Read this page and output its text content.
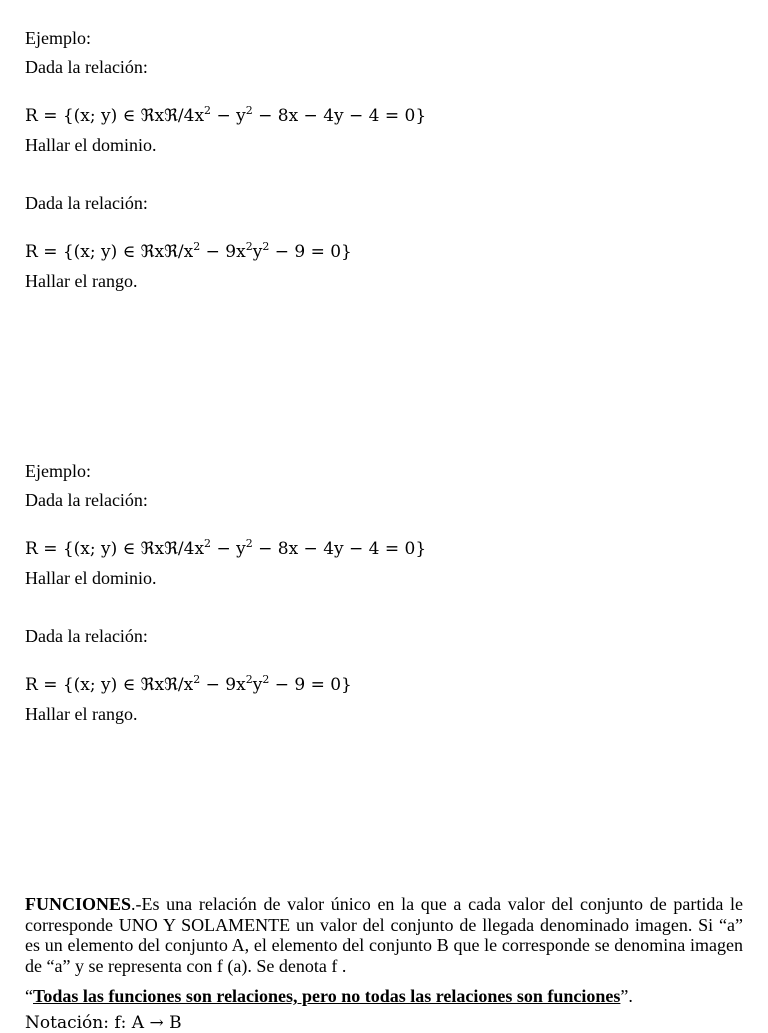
Ejemplo:
Dada la relación:
R = {(x; y) ∈ ℜxℜ/$4x^2 - y^2 - 8x - 4y - 4 = 0$}
Hallar el dominio.
Dada la relación:
R = {(x; y) ∈ ℜxℜ/$x^2 - 9x^2y^2 - 9 = 0$}
Hallar el rango.
Ejemplo:
Dada la relación:
R = {(x; y) ∈ ℜxℜ/$4x^2 - y^2 - 8x - 4y - 4 = 0$}
Hallar el dominio.
Dada la relación:
R = {(x; y) ∈ ℜxℜ/$x^2 - 9x^2y^2 - 9 = 0$}
Hallar el rango.
FUNCIONES.-Es una relación de valor único en la que a cada valor del conjunto de partida le corresponde UNO Y SOLAMENTE un valor del conjunto de llegada denominado imagen. Si “a” es un elemento del conjunto A, el elemento del conjunto B que le corresponde se denomina imagen de “a” y se representa con f (a). Se denota f .
“Todas las funciones son relaciones, pero no todas las relaciones son funciones”.
Notación: f: A → B
